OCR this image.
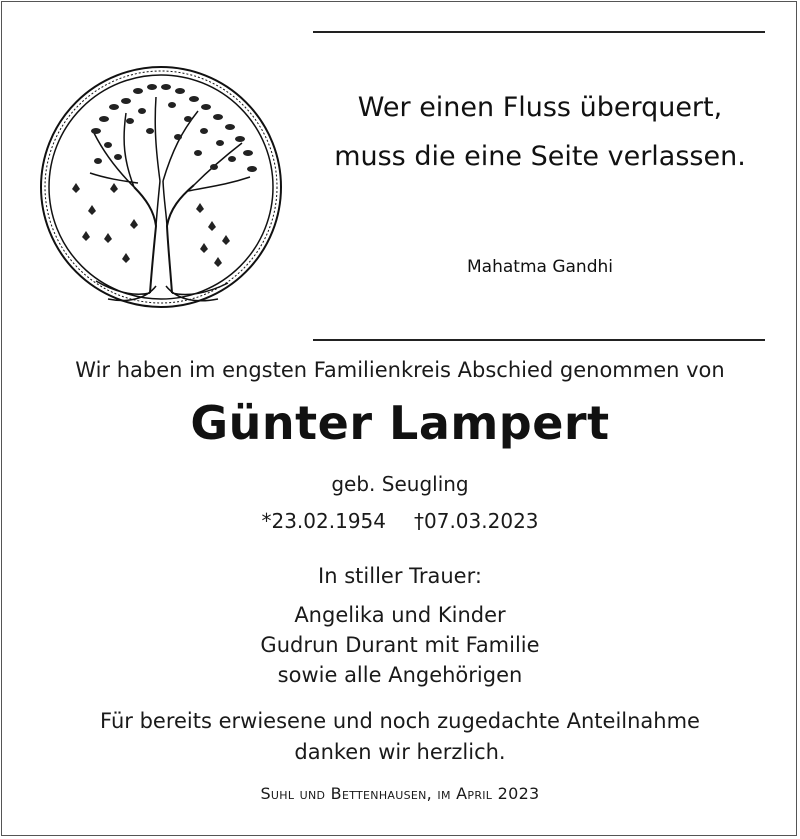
Wer einen Fluss überquert,
muss die eine Seite verlassen.
Mahatma Gandhi
Wir haben im engsten Familienkreis Abschied genommen von
Günter Lampert
geb. Seugling
*23.02.1954 †07.03.2023
In stiller Trauer:
Angelika und Kinder
Gudrun Durant mit Familie
sowie alle Angehörigen
Für bereits erwiesene und noch zugedachte Anteilnahme
danken wir herzlich.
Suhl und Bettenhausen, im April 2023
